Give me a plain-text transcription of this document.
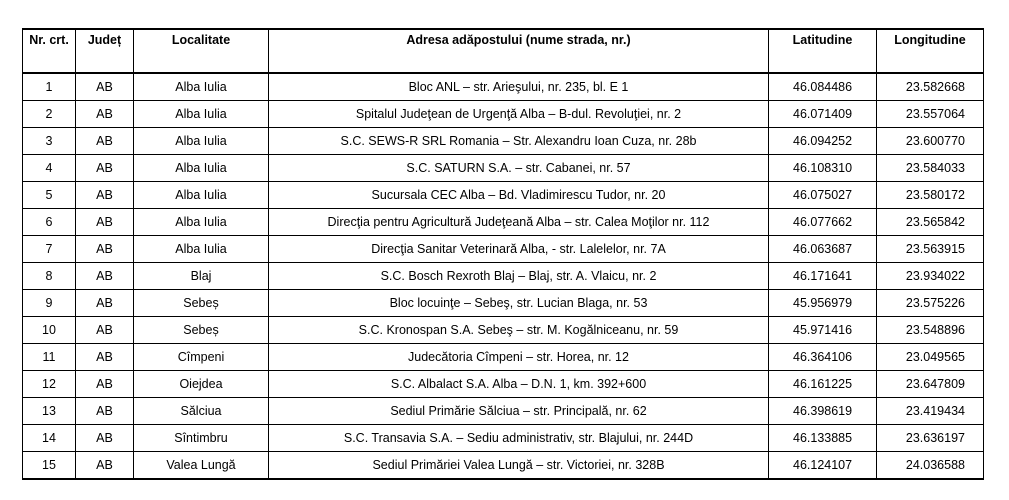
Nr. crt.	Județ	Localitate	Adresa adăpostului (nume strada, nr.)	Latitudine	Longitudine
1	AB	Alba Iulia	Bloc ANL – str. Arieşului, nr. 235, bl. E 1	46.084486	23.582668
2	AB	Alba Iulia	Spitalul Judeţean de Urgenţă Alba – B-dul. Revoluţiei, nr. 2	46.071409	23.557064
3	AB	Alba Iulia	S.C. SEWS-R SRL Romania – Str. Alexandru Ioan Cuza, nr. 28b	46.094252	23.600770
4	AB	Alba Iulia	S.C. SATURN S.A. – str. Cabanei, nr. 57	46.108310	23.584033
5	AB	Alba Iulia	Sucursala CEC Alba – Bd. Vladimirescu Tudor, nr. 20	46.075027	23.580172
6	AB	Alba Iulia	Direcţia pentru Agricultură Judeţeană Alba – str. Calea Moţilor nr. 112	46.077662	23.565842
7	AB	Alba Iulia	Direcţia Sanitar Veterinară Alba, - str. Lalelelor, nr. 7A	46.063687	23.563915
8	AB	Blaj	S.C. Bosch Rexroth Blaj – Blaj, str. A. Vlaicu, nr. 2	46.171641	23.934022
9	AB	Sebeș	Bloc locuinţe – Sebeş, str. Lucian Blaga, nr. 53	45.956979	23.575226
10	AB	Sebeș	S.C. Kronospan S.A. Sebeş – str. M. Kogălniceanu, nr. 59	45.971416	23.548896
11	AB	Cîmpeni	Judecătoria Cîmpeni – str. Horea, nr. 12	46.364106	23.049565
12	AB	Oiejdea	S.C. Albalact S.A. Alba – D.N. 1, km. 392+600	46.161225	23.647809
13	AB	Sălciua	Sediul Primărie Sălciua – str. Principală, nr. 62	46.398619	23.419434
14	AB	Sîntimbru	S.C. Transavia S.A. – Sediu administrativ, str. Blajului, nr. 244D	46.133885	23.636197
15	AB	Valea Lungă	Sediul Primăriei Valea Lungă – str. Victoriei, nr. 328B	46.124107	24.036588
